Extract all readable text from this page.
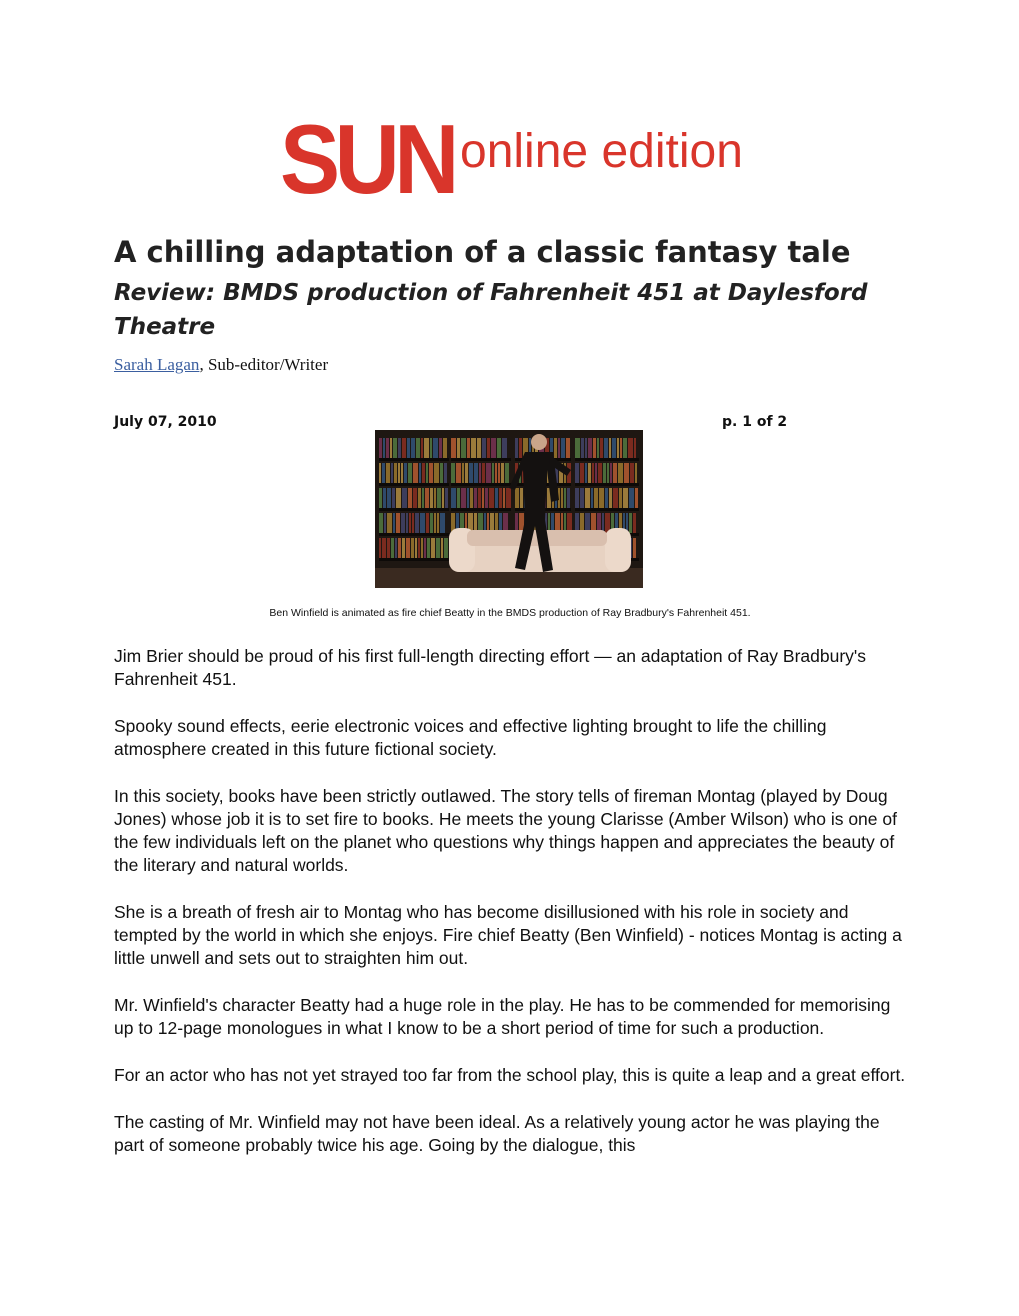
SUN online edition
A chilling adaptation of a classic fantasy tale
Review: BMDS production of Fahrenheit 451 at Daylesford Theatre
Sarah Lagan, Sub-editor/Writer
July 07, 2010	p. 1 of 2
Ben Winfield is animated as fire chief Beatty in the BMDS production of Ray Bradbury's Fahrenheit 451.

Jim Brier should be proud of his first full-length directing effort — an adaptation of Ray Bradbury's Fahrenheit 451.

Spooky sound effects, eerie electronic voices and effective lighting brought to life the chilling atmosphere created in this future fictional society.

In this society, books have been strictly outlawed. The story tells of fireman Montag (played by Doug Jones) whose job it is to set fire to books. He meets the young Clarisse (Amber Wilson) who is one of the few individuals left on the planet who questions why things happen and appreciates the beauty of the literary and natural worlds.

She is a breath of fresh air to Montag who has become disillusioned with his role in society and tempted by the world in which she enjoys. Fire chief Beatty (Ben Winfield) - notices Montag is acting a little unwell and sets out to straighten him out.

Mr. Winfield's character Beatty had a huge role in the play. He has to be commended for memorising up to 12-page monologues in what I know to be a short period of time for such a production.

For an actor who has not yet strayed too far from the school play, this is quite a leap and a great effort.

The casting of Mr. Winfield may not have been ideal. As a relatively young actor he was playing the part of someone probably twice his age. Going by the dialogue, this
